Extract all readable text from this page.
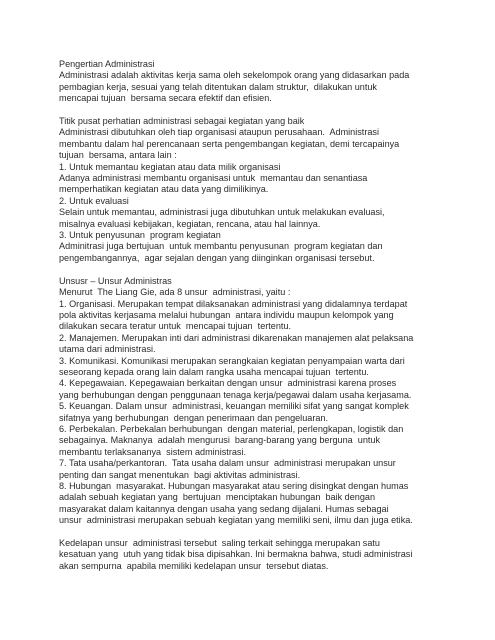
Pengertian Administrasi

Administrasi adalah aktivitas kerja sama oleh sekelompok orang yang didasarkan pada

pembagian kerja, sesuai yang telah ditentukan dalam struktur,  dilakukan untuk

mencapai tujuan  bersama secara efektif dan efisien.

Titik pusat perhatian administrasi sebagai kegiatan yang baik

Administrasi dibutuhkan oleh tiap organisasi ataupun perusahaan.  Administrasi

membantu dalam hal perencanaan serta pengembangan kegiatan, demi tercapainya

tujuan  bersama, antara lain :

1. Untuk memantau kegiatan atau data milik organisasi

Adanya administrasi membantu organisasi untuk  memantau dan senantiasa

memperhatikan kegiatan atau data yang dimilikinya.

2. Untuk evaluasi

Selain untuk memantau, administrasi juga dibutuhkan untuk melakukan evaluasi,

misalnya evaluasi kebijakan, kegiatan, rencana, atau hal lainnya.

3. Untuk penyusunan  program kegiatan

Adminitrasi juga bertujuan  untuk membantu penyusunan  program kegiatan dan

pengembangannya,  agar sejalan dengan yang diinginkan organisasi tersebut.

Unsusr – Unsur Administras

Menurut  The Liang Gie, ada 8 unsur  administrasi, yaitu :

1. Organisasi. Merupakan tempat dilaksanakan administrasi yang didalamnya terdapat

pola aktivitas kerjasama melalui hubungan  antara individu maupun kelompok yang

dilakukan secara teratur untuk  mencapai tujuan  tertentu.

2. Manajemen. Merupakan inti dari administrasi dikarenakan manajemen alat pelaksana

utama dari administrasi.

3. Komunikasi. Komunikasi merupakan serangkaian kegiatan penyampaian warta dari

seseorang kepada orang lain dalam rangka usaha mencapai tujuan  tertentu.

4. Kepegawaian. Kepegawaian berkaitan dengan unsur  administrasi karena proses

yang berhubungan dengan penggunaan tenaga kerja/pegawai dalam usaha kerjasama.

5. Keuangan. Dalam unsur  administrasi, keuangan memiliki sifat yang sangat komplek

sifatnya yang berhubungan  dengan penerimaan dan pengeluaran.

6. Perbekalan. Perbekalan berhubungan  dengan material, perlengkapan, logistik dan

sebagainya. Maknanya  adalah mengurusi  barang-barang yang berguna  untuk

membantu terlaksananya  sistem administrasi.

7. Tata usaha/perkantoran.  Tata usaha dalam unsur  administrasi merupakan unsur

penting dan sangat menentukan  bagi aktivitas administrasi.

8. Hubungan  masyarakat. Hubungan masyarakat atau sering disingkat dengan humas

adalah sebuah kegiatan yang  bertujuan  menciptakan hubungan  baik dengan

masyarakat dalam kaitannya dengan usaha yang sedang dijalani. Humas sebagai

unsur  administrasi merupakan sebuah kegiatan yang memiliki seni, ilmu dan juga etika.

Kedelapan unsur  administrasi tersebut  saling terkait sehingga merupakan satu

kesatuan yang  utuh yang tidak bisa dipisahkan. Ini bermakna bahwa, studi administrasi

akan sempurna  apabila memiliki kedelapan unsur  tersebut diatas.
